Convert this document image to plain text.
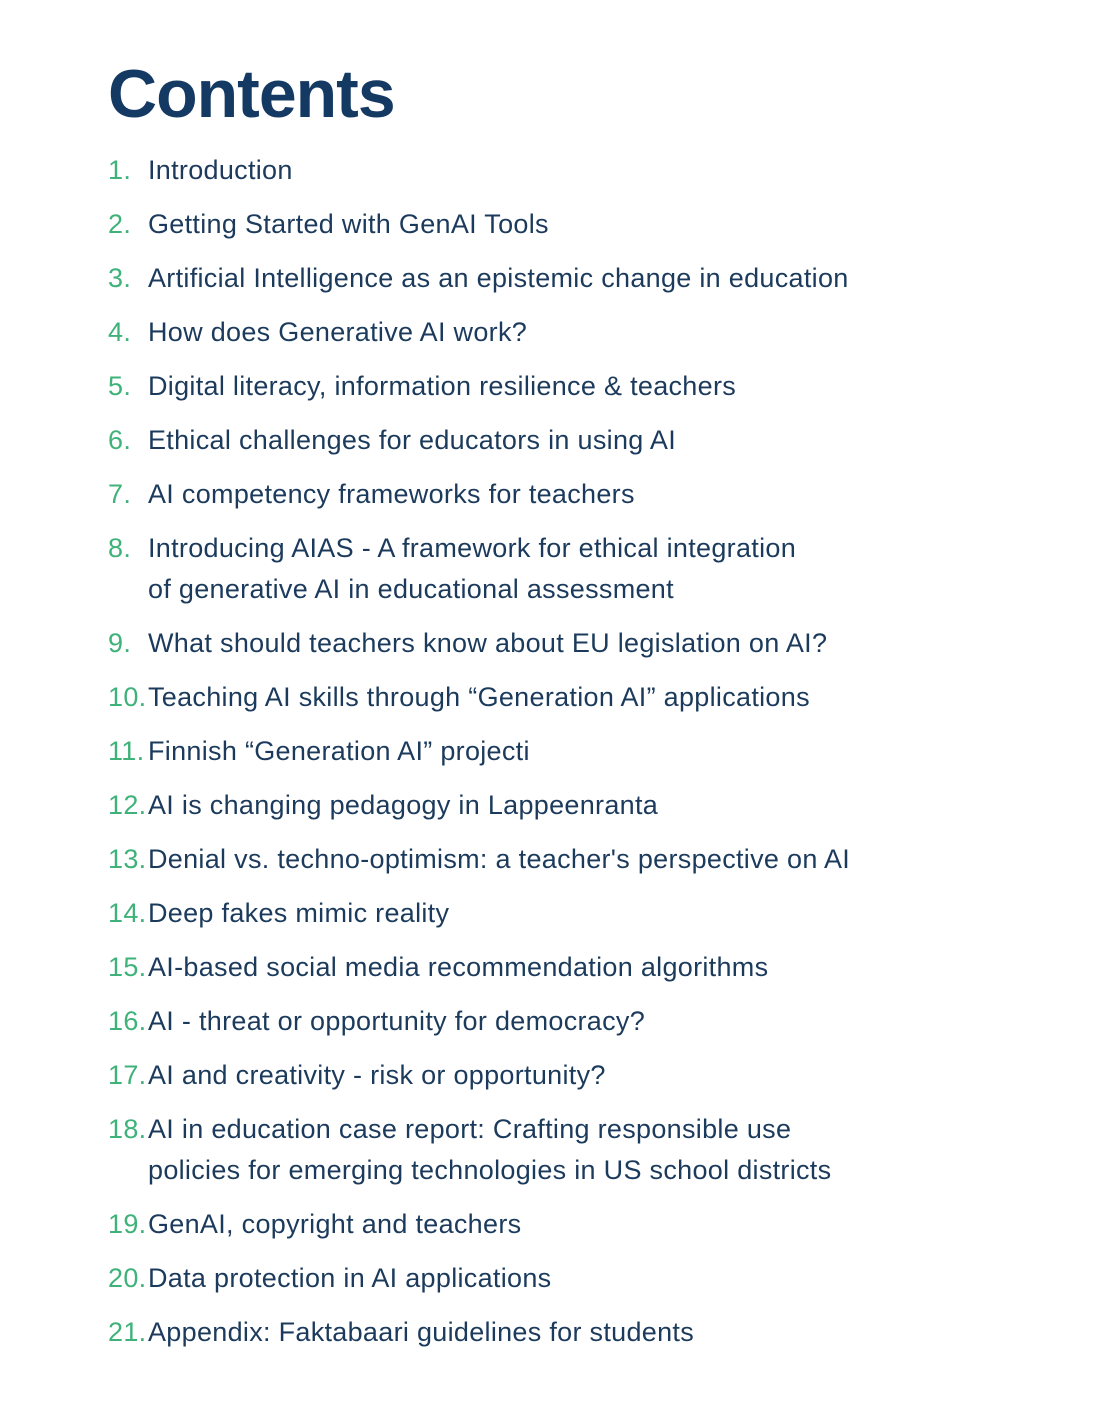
Contents
1. Introduction
2. Getting Started with GenAI Tools
3. Artificial Intelligence as an epistemic change in education
4. How does Generative AI work?
5. Digital literacy, information resilience & teachers
6. Ethical challenges for educators in using AI
7. AI competency frameworks for teachers
8. Introducing AIAS - A framework for ethical integration
of generative AI in educational assessment
9. What should teachers know about EU legislation on AI?
10. Teaching AI skills through “Generation AI” applications
11. Finnish “Generation AI” projecti
12. AI is changing pedagogy in Lappeenranta
13. Denial vs. techno-optimism: a teacher's perspective on AI
14. Deep fakes mimic reality
15. AI-based social media recommendation algorithms
16. AI - threat or opportunity for democracy?
17. AI and creativity - risk or opportunity?
18. AI in education case report: Crafting responsible use
policies for emerging technologies in US school districts
19. GenAI, copyright and teachers
20. Data protection in AI applications
21. Appendix: Faktabaari guidelines for students
